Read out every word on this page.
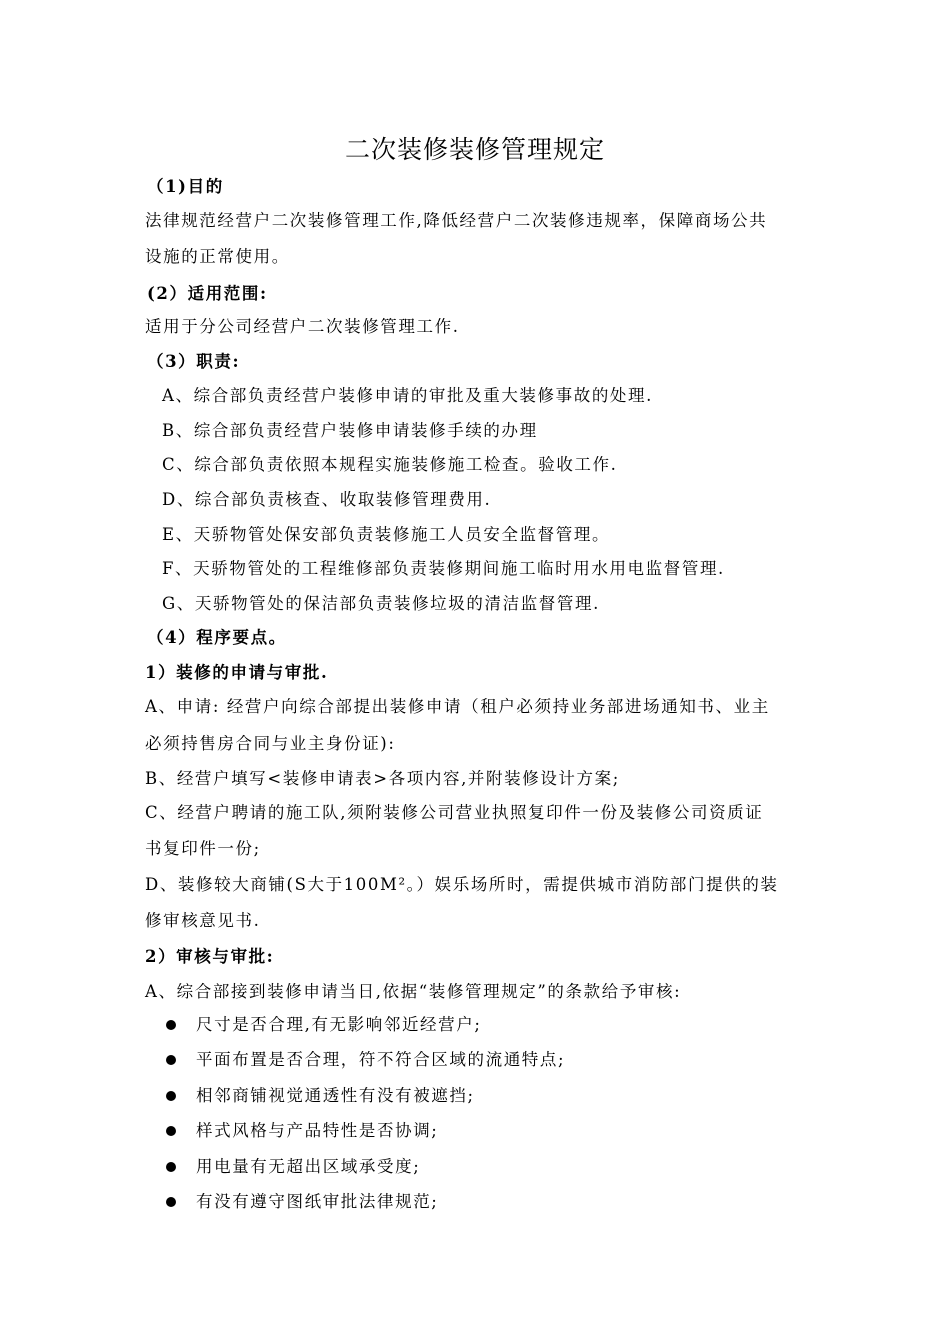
二次装修装修管理规定
（1)目的
法律规范经营户二次装修管理工作,降低经营户二次装修违规率，保障商场公共
设施的正常使用。
(2）适用范围:
适用于分公司经营户二次装修管理工作.
（3）职责:
A、综合部负责经营户装修申请的审批及重大装修事故的处理.
B、综合部负责经营户装修申请装修手续的办理
C、综合部负责依照本规程实施装修施工检查。验收工作.
D、综合部负责核查、收取装修管理费用.
E、天骄物管处保安部负责装修施工人员安全监督管理。
F、天骄物管处的工程维修部负责装修期间施工临时用水用电监督管理.
G、天骄物管处的保洁部负责装修垃圾的清洁监督管理.
（4）程序要点。
1）装修的申请与审批.
A、申请: 经营户向综合部提出装修申请（租户必须持业务部进场通知书、业主
必须持售房合同与业主身份证):
B、经营户填写<装修申请表>各项内容,并附装修设计方案;
C、经营户聘请的施工队,须附装修公司营业执照复印件一份及装修公司资质证
书复印件一份;
D、装修较大商铺(S大于100M²。）娱乐场所时，需提供城市消防部门提供的装
修审核意见书.
2）审核与审批:
A、综合部接到装修申请当日,依据“装修管理规定”的条款给予审核:
尺寸是否合理,有无影响邻近经营户;
平面布置是否合理，符不符合区域的流通特点;
相邻商铺视觉通透性有没有被遮挡;
样式风格与产品特性是否协调;
用电量有无超出区域承受度;
有没有遵守图纸审批法律规范;
